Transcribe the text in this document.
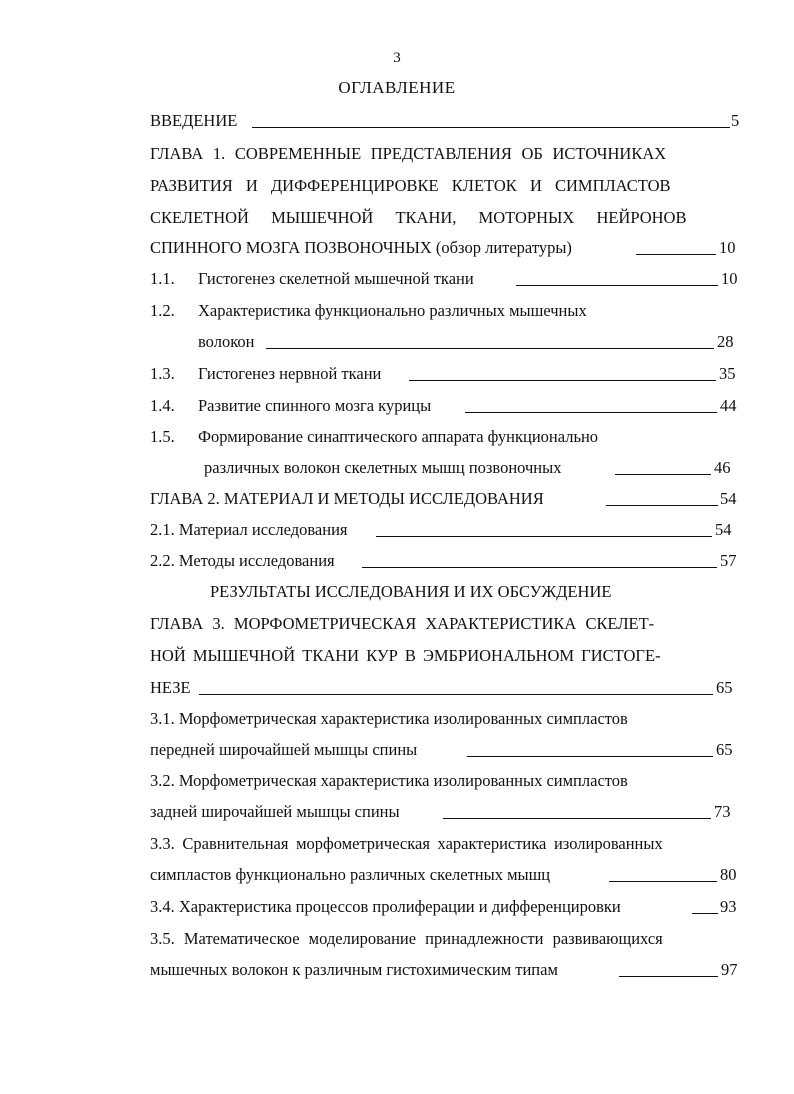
3
ОГЛАВЛЕНИЕ
ВВЕДЕНИЕ	5
ГЛАВА 1. СОВРЕМЕННЫЕ ПРЕДСТАВЛЕНИЯ ОБ ИСТОЧНИКАХ
РАЗВИТИЯ И ДИФФЕРЕНЦИРОВКЕ КЛЕТОК И СИМПЛАСТОВ
СКЕЛЕТНОЙ МЫШЕЧНОЙ ТКАНИ, МОТОРНЫХ НЕЙРОНОВ
СПИННОГО МОЗГА ПОЗВОНОЧНЫХ (обзор литературы)	10
1.1. Гистогенез скелетной мышечной ткани	10
1.2. Характеристика функционально различных мышечных
волокон	28
1.3. Гистогенез нервной ткани	35
1.4. Развитие спинного мозга курицы	44
1.5. Формирование синаптического аппарата функционально
различных волокон скелетных мышц позвоночных	46
ГЛАВА 2. МАТЕРИАЛ И МЕТОДЫ ИССЛЕДОВАНИЯ	54
2.1. Материал исследования	54
2.2. Методы исследования	57
РЕЗУЛЬТАТЫ ИССЛЕДОВАНИЯ И ИХ ОБСУЖДЕНИЕ
ГЛАВА 3. МОРФОМЕТРИЧЕСКАЯ ХАРАКТЕРИСТИКА СКЕЛЕТ-
НОЙ МЫШЕЧНОЙ ТКАНИ КУР В ЭМБРИОНАЛЬНОМ ГИСТОГЕ-
НЕЗЕ	65
3.1. Морфометрическая характеристика изолированных симпластов
передней широчайшей мышцы спины	65
3.2. Морфометрическая характеристика изолированных симпластов
задней широчайшей мышцы спины	73
3.3. Сравнительная морфометрическая характеристика изолированных
симпластов функционально различных скелетных мышц	80
3.4. Характеристика процессов пролиферации и дифференцировки	93
3.5. Математическое моделирование принадлежности развивающихся
мышечных волокон к различным гистохимическим типам	97
